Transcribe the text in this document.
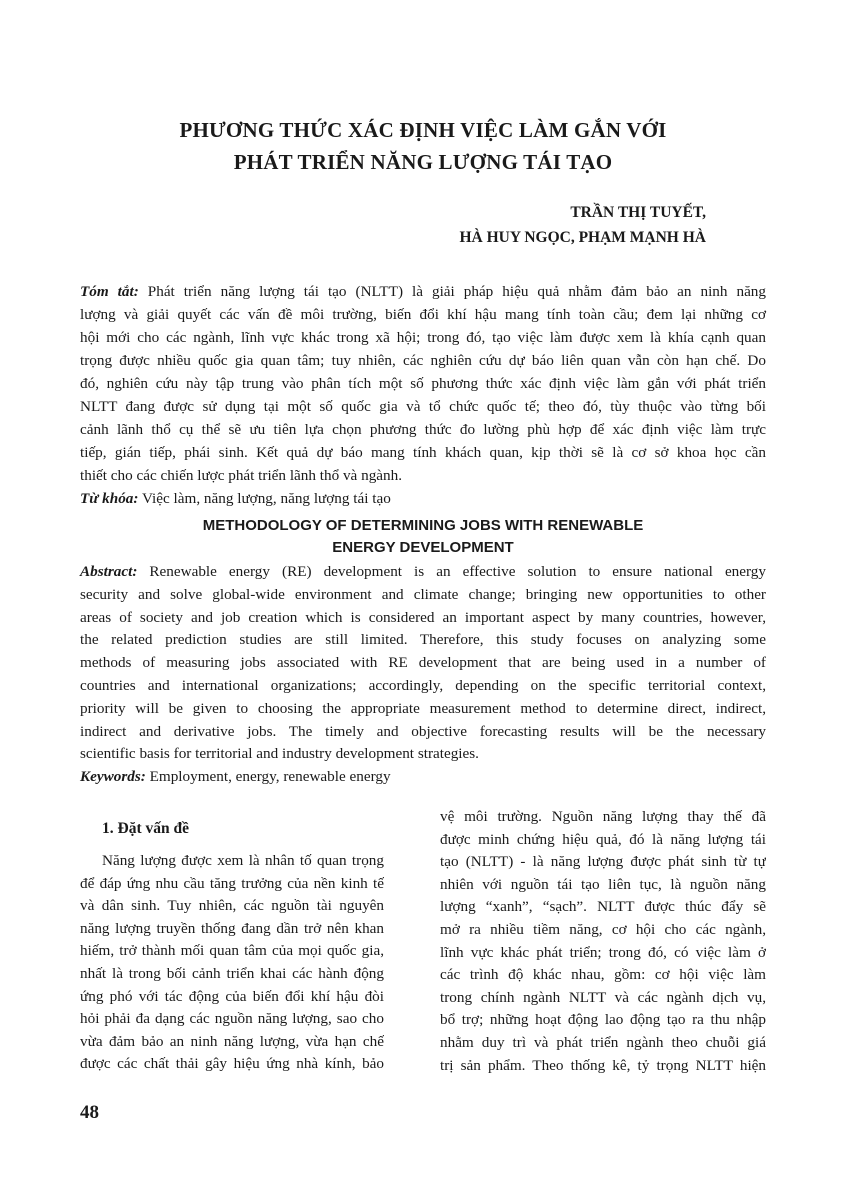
PHƯƠNG THỨC XÁC ĐỊNH VIỆC LÀM GẮN VỚI
PHÁT TRIỂN NĂNG LƯỢNG TÁI TẠO
TRẦN THỊ TUYẾT,
HÀ HUY NGỌC, PHẠM MẠNH HÀ
Tóm tắt: Phát triển năng lượng tái tạo (NLTT) là giải pháp hiệu quả nhằm đảm bảo an ninh năng
lượng và giải quyết các vấn đề môi trường, biến đổi khí hậu mang tính toàn cầu; đem lại những cơ
hội mới cho các ngành, lĩnh vực khác trong xã hội; trong đó, tạo việc làm được xem là khía cạnh quan
trọng được nhiều quốc gia quan tâm; tuy nhiên, các nghiên cứu dự báo liên quan vẫn còn hạn chế. Do
đó, nghiên cứu này tập trung vào phân tích một số phương thức xác định việc làm gắn với phát triển
NLTT đang được sử dụng tại một số quốc gia và tổ chức quốc tế; theo đó, tùy thuộc vào từng bối
cảnh lãnh thổ cụ thể sẽ ưu tiên lựa chọn phương thức đo lường phù hợp để xác định việc làm trực
tiếp, gián tiếp, phái sinh. Kết quả dự báo mang tính khách quan, kịp thời sẽ là cơ sở khoa học cần
thiết cho các chiến lược phát triển lãnh thổ và ngành.
Từ khóa: Việc làm, năng lượng, năng lượng tái tạo
METHODOLOGY OF DETERMINING JOBS WITH RENEWABLE
ENERGY DEVELOPMENT
Abstract: Renewable energy (RE) development is an effective solution to ensure national energy
security and solve global-wide environment and climate change; bringing new opportunities to other
areas of society and job creation which is considered an important aspect by many countries, however,
the related prediction studies are still limited. Therefore, this study focuses on analyzing some
methods of measuring jobs associated with RE development that are being used in a number of
countries and international organizations; accordingly, depending on the specific territorial context,
priority will be given to choosing the appropriate measurement method to determine direct, indirect,
indirect and derivative jobs. The timely and objective forecasting results will be the necessary
scientific basis for territorial and industry development strategies.
Keywords: Employment, energy, renewable energy
1. Đặt vấn đề
Năng lượng được xem là nhân tố quan trọng
để đáp ứng nhu cầu tăng trưởng của nền kinh tế
và dân sinh. Tuy nhiên, các nguồn tài nguyên
năng lượng truyền thống đang dần trở nên khan
hiếm, trở thành mối quan tâm của mọi quốc gia,
nhất là trong bối cảnh triển khai các hành động
ứng phó với tác động của biến đổi khí hậu đòi
hỏi phải đa dạng các nguồn năng lượng, sao cho
vừa đảm bảo an ninh năng lượng, vừa hạn chế
được các chất thải gây hiệu ứng nhà kính, bảo
vệ môi trường. Nguồn năng lượng thay thế đã
được minh chứng hiệu quả, đó là năng lượng tái
tạo (NLTT) - là năng lượng được phát sinh từ tự
nhiên với nguồn tái tạo liên tục, là nguồn năng
lượng “xanh”, “sạch”. NLTT được thúc đẩy sẽ
mở ra nhiều tiềm năng, cơ hội cho các ngành,
lĩnh vực khác phát triển; trong đó, có việc làm ở
các trình độ khác nhau, gồm: cơ hội việc làm
trong chính ngành NLTT và các ngành dịch vụ,
bổ trợ; những hoạt động lao động tạo ra thu nhập
nhằm duy trì và phát triển ngành theo chuỗi giá
trị sản phẩm. Theo thống kê, tỷ trọng NLTT hiện
48
